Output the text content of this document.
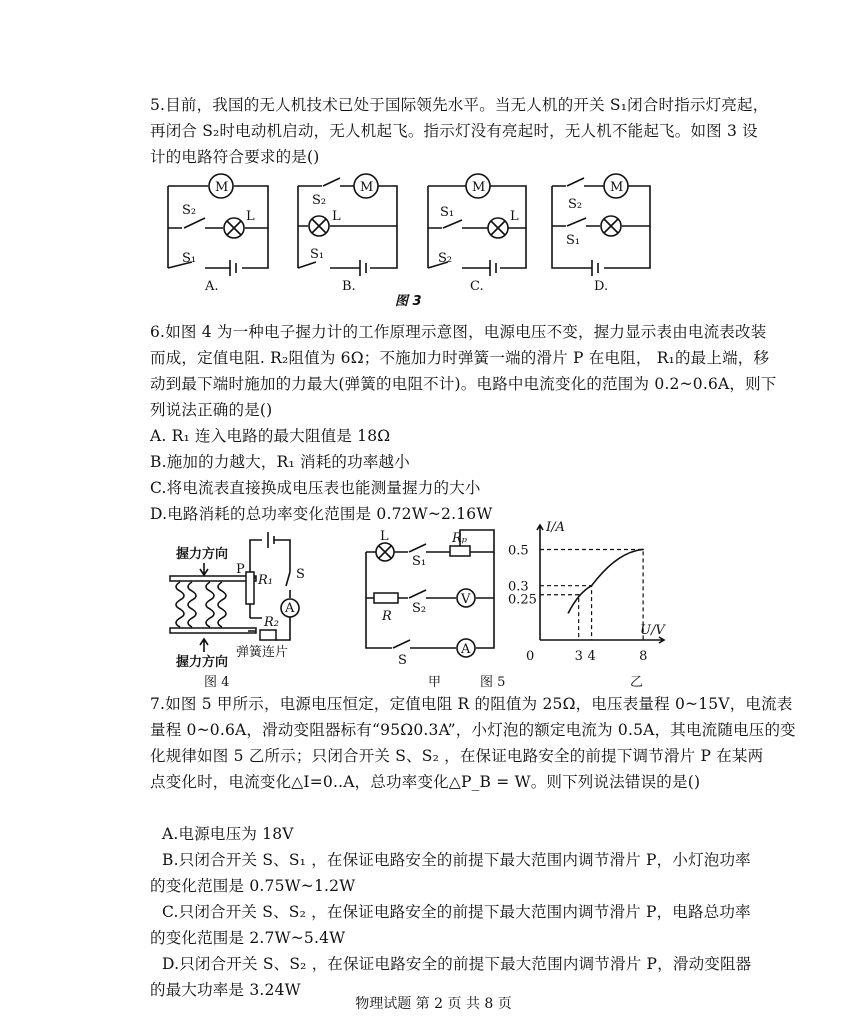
5.目前，我国的无人机技术已处于国际领先水平。当无人机的开关 S₁闭合时指示灯亮起，
再闭合 S₂时电动机启动，无人机起飞。指示灯没有亮起时，无人机不能起飞。如图 3 设
计的电路符合要求的是()
M
S₂	L
S₁
A.
M
S₂
L
S₁
B.
M
S₁	L
S₂
C.
M
S₂
S₁
D.
图 3
6.如图 4 为一种电子握力计的工作原理示意图，电源电压不变，握力显示表由电流表改装
而成，定值电阻. R₂阻值为 6Ω；不施加力时弹簧一端的滑片 P 在电阻， R₁的最上端，移
动到最下端时施加的力最大(弹簧的电阻不计)。电路中电流变化的范围为 0.2~0.6A，则下
列说法正确的是()
A. R₁ 连入电路的最大阻值是 18Ω
B.施加的力越大，R₁ 消耗的功率越小
C.将电流表直接换成电压表也能测量握力的大小
D.电路消耗的总功率变化范围是 0.72W~2.16W
握力方向
P
R₁ S
A
R₂
弹簧连片
握力方向
图 4
L	Rₚ
S₁
R
S₂
V
S
A
甲	图 5
I/A
U/V
0	3 4	8
0.5
0.3
0.25
乙
7.如图 5 甲所示，电源电压恒定，定值电阻 R 的阻值为 25Ω，电压表量程 0~15V，电流表
量程 0~0.6A，滑动变阻器标有“95Ω0.3A”，小灯泡的额定电流为 0.5A，其电流随电压的变
化规律如图 5 乙所示；只闭合开关 S、S₂ ，在保证电路安全的前提下调节滑片 P 在某两
点变化时，电流变化△I=0..A，总功率变化△P_B = W。则下列说法错误的是()
A.电源电压为 18V
B.只闭合开关 S、S₁ ，在保证电路安全的前提下最大范围内调节滑片 P，小灯泡功率
的变化范围是 0.75W~1.2W
C.只闭合开关 S、S₂ ，在保证电路安全的前提下最大范围内调节滑片 P，电路总功率
的变化范围是 2.7W~5.4W
D.只闭合开关 S、S₂ ，在保证电路安全的前提下最大范围内调节滑片 P，滑动变阻器
的最大功率是 3.24W
物理试题 第 2 页 共 8 页
